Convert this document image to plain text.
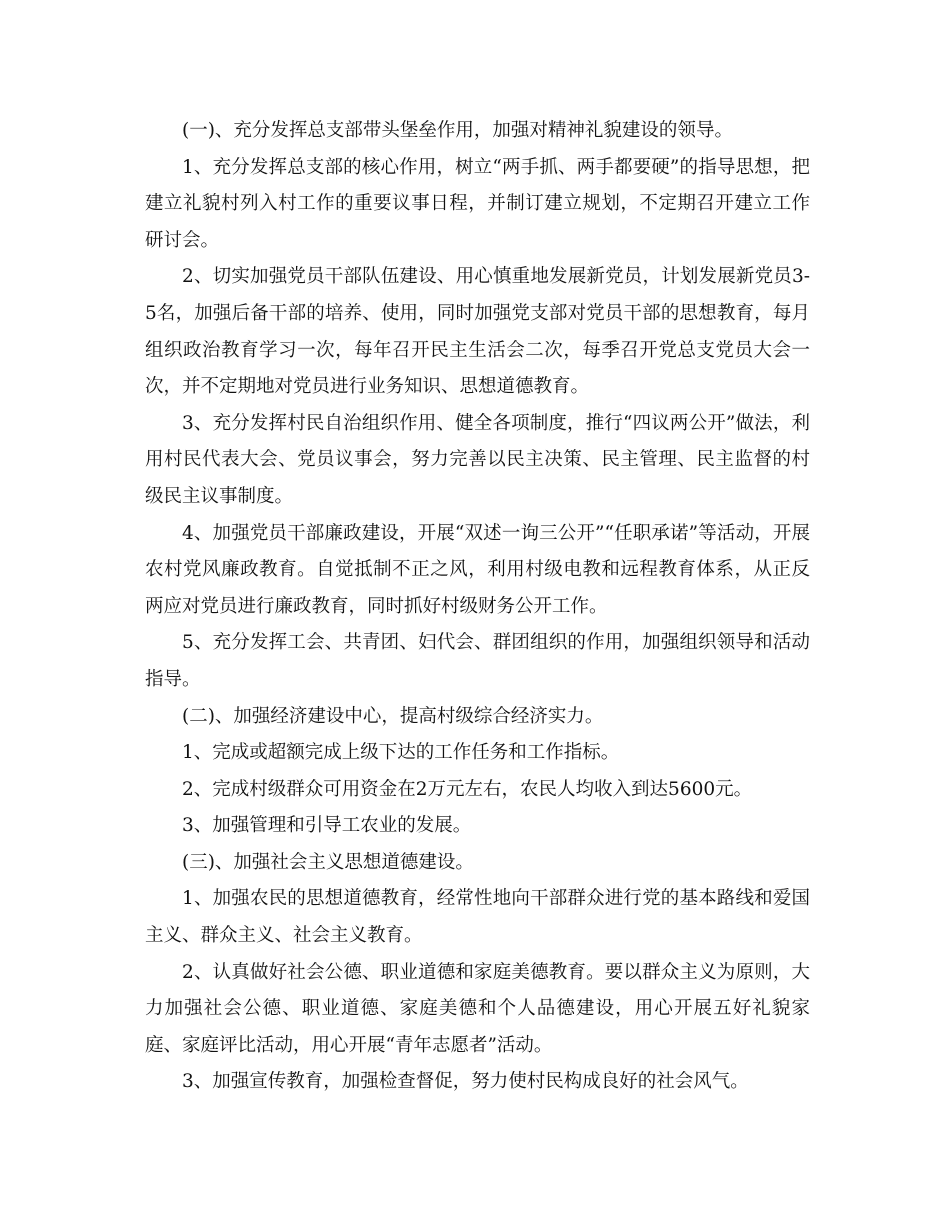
(一)、充分发挥总支部带头堡垒作用，加强对精神礼貌建设的领导。

1、充分发挥总支部的核心作用，树立“两手抓、两手都要硬”的指导思想，把建立礼貌村列入村工作的重要议事日程，并制订建立规划，不定期召开建立工作研讨会。

2、切实加强党员干部队伍建设、用心慎重地发展新党员，计划发展新党员3-5名，加强后备干部的培养、使用，同时加强党支部对党员干部的思想教育，每月组织政治教育学习一次，每年召开民主生活会二次，每季召开党总支党员大会一次，并不定期地对党员进行业务知识、思想道德教育。

3、充分发挥村民自治组织作用、健全各项制度，推行“四议两公开”做法，利用村民代表大会、党员议事会，努力完善以民主决策、民主管理、民主监督的村级民主议事制度。

4、加强党员干部廉政建设，开展“双述一询三公开”“任职承诺”等活动，开展农村党风廉政教育。自觉抵制不正之风，利用村级电教和远程教育体系，从正反两应对党员进行廉政教育，同时抓好村级财务公开工作。

5、充分发挥工会、共青团、妇代会、群团组织的作用，加强组织领导和活动指导。

(二)、加强经济建设中心，提高村级综合经济实力。

1、完成或超额完成上级下达的工作任务和工作指标。

2、完成村级群众可用资金在2万元左右，农民人均收入到达5600元。

3、加强管理和引导工农业的发展。

(三)、加强社会主义思想道德建设。

1、加强农民的思想道德教育，经常性地向干部群众进行党的基本路线和爱国主义、群众主义、社会主义教育。

2、认真做好社会公德、职业道德和家庭美德教育。要以群众主义为原则，大力加强社会公德、职业道德、家庭美德和个人品德建设，用心开展五好礼貌家庭、家庭评比活动，用心开展“青年志愿者”活动。

3、加强宣传教育，加强检查督促，努力使村民构成良好的社会风气。
